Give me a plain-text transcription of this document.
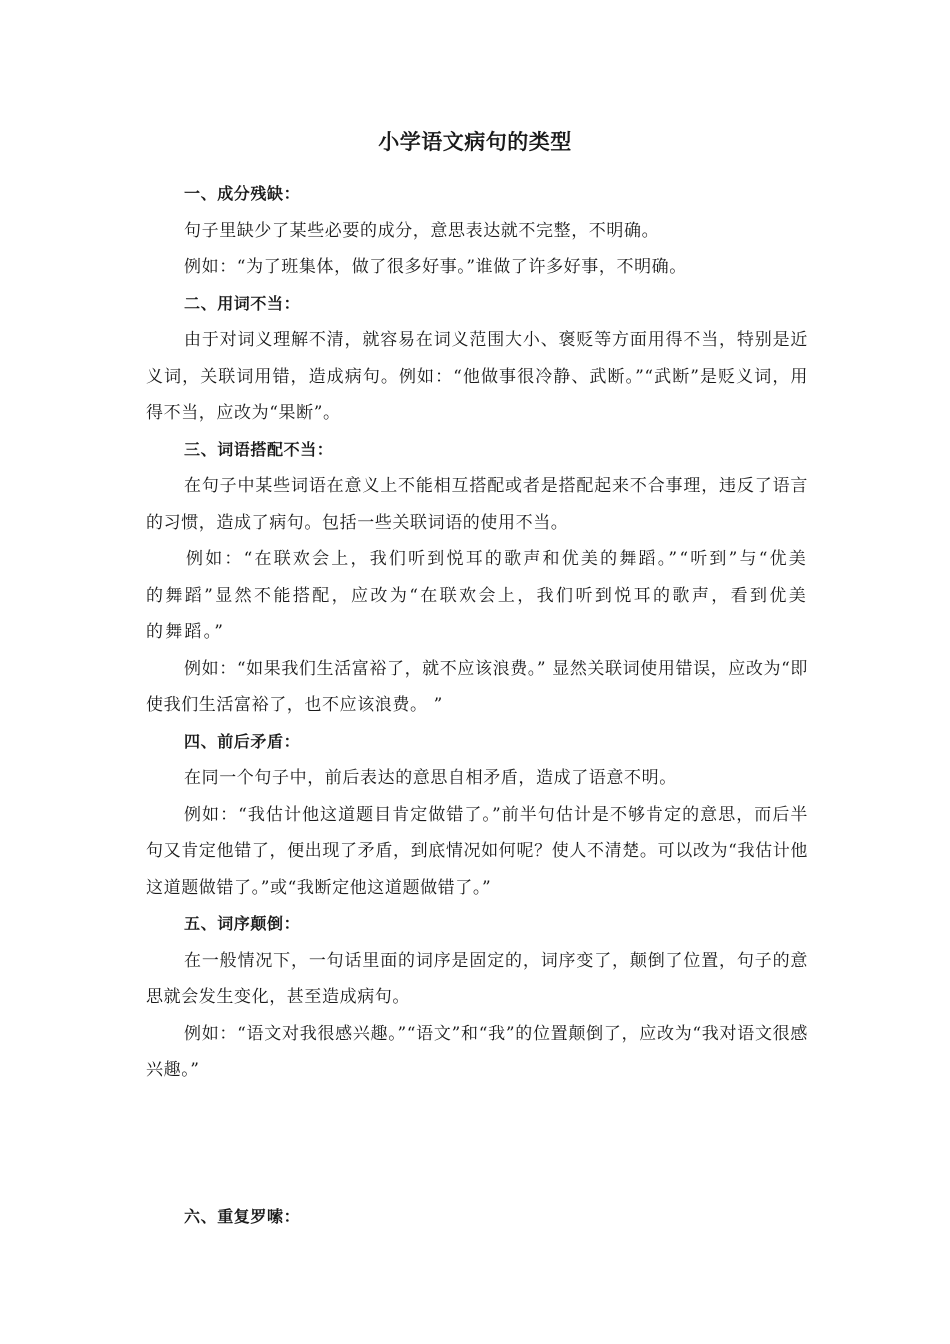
小学语文病句的类型

一、成分残缺：

句子里缺少了某些必要的成分，意思表达就不完整，不明确。

例如：“为了班集体，做了很多好事。”谁做了许多好事，不明确。

二、用词不当：

由于对词义理解不清，就容易在词义范围大小、褒贬等方面用得不当，特别是近义词，关联词用错，造成病句。例如：“他做事很冷静、武断。”“武断”是贬义词，用得不当，应改为“果断”。

三、词语搭配不当：

在句子中某些词语在意义上不能相互搭配或者是搭配起来不合事理，违反了语言的习惯，造成了病句。包括一些关联词语的使用不当。

例如：“在联欢会上，我们听到悦耳的歌声和优美的舞蹈。”“听到”与“优美的舞蹈”显然不能搭配，应改为“在联欢会上，我们听到悦耳的歌声，看到优美的舞蹈。”

例如：“如果我们生活富裕了，就不应该浪费。” 显然关联词使用错误，应改为“即使我们生活富裕了，也不应该浪费。 ”

四、前后矛盾：

在同一个句子中，前后表达的意思自相矛盾，造成了语意不明。

例如：“我估计他这道题目肯定做错了。”前半句估计是不够肯定的意思，而后半句又肯定他错了，便出现了矛盾，到底情况如何呢？使人不清楚。可以改为“我估计他这道题做错了。”或“我断定他这道题做错了。”

五、词序颠倒：

在一般情况下，一句话里面的词序是固定的，词序变了，颠倒了位置，句子的意思就会发生变化，甚至造成病句。

例如：“语文对我很感兴趣。”“语文”和“我”的位置颠倒了，应改为“我对语文很感兴趣。”

六、重复罗嗦：
